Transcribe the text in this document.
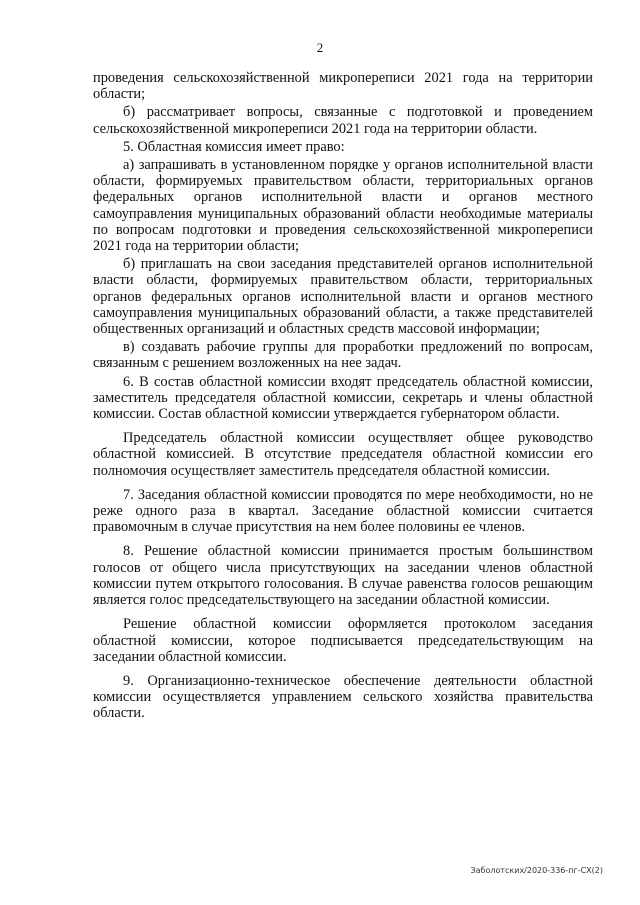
2

проведения сельскохозяйственной микропереписи 2021 года на территории области;

б) рассматривает вопросы, связанные с подготовкой и проведением сельскохозяйственной микропереписи 2021 года на территории области.

5. Областная комиссия имеет право:

а) запрашивать в установленном порядке у органов исполнительной власти области, формируемых правительством области, территориальных органов федеральных органов исполнительной власти и органов местного самоуправления муниципальных образований области необходимые материалы по вопросам подготовки и проведения сельскохозяйственной микропереписи 2021 года на территории области;

б) приглашать на свои заседания представителей органов исполнительной власти области, формируемых правительством области, территориальных органов федеральных органов исполнительной власти и органов местного самоуправления муниципальных образований области, а также представителей общественных организаций и областных средств массовой информации;

в) создавать рабочие группы для проработки предложений по вопросам, связанным с решением возложенных на нее задач.

6. В состав областной комиссии входят председатель областной комиссии, заместитель председателя областной комиссии, секретарь и члены областной комиссии. Состав областной комиссии утверждается губернатором области.

Председатель областной комиссии осуществляет общее руководство областной комиссией. В отсутствие председателя областной комиссии его полномочия осуществляет заместитель председателя областной комиссии.

7. Заседания областной комиссии проводятся по мере необходимости, но не реже одного раза в квартал. Заседание областной комиссии считается правомочным в случае присутствия на нем более половины ее членов.

8. Решение областной комиссии принимается простым большинством голосов от общего числа присутствующих на заседании членов областной комиссии путем открытого голосования. В случае равенства голосов решающим является голос председательствующего на заседании областной комиссии.

Решение областной комиссии оформляется протоколом заседания областной комиссии, которое подписывается председательствующим на заседании областной комиссии.

9. Организационно-техническое обеспечение деятельности областной комиссии осуществляется управлением сельского хозяйства правительства области.

Заболотских/2020-336-пг-СХ(2)
